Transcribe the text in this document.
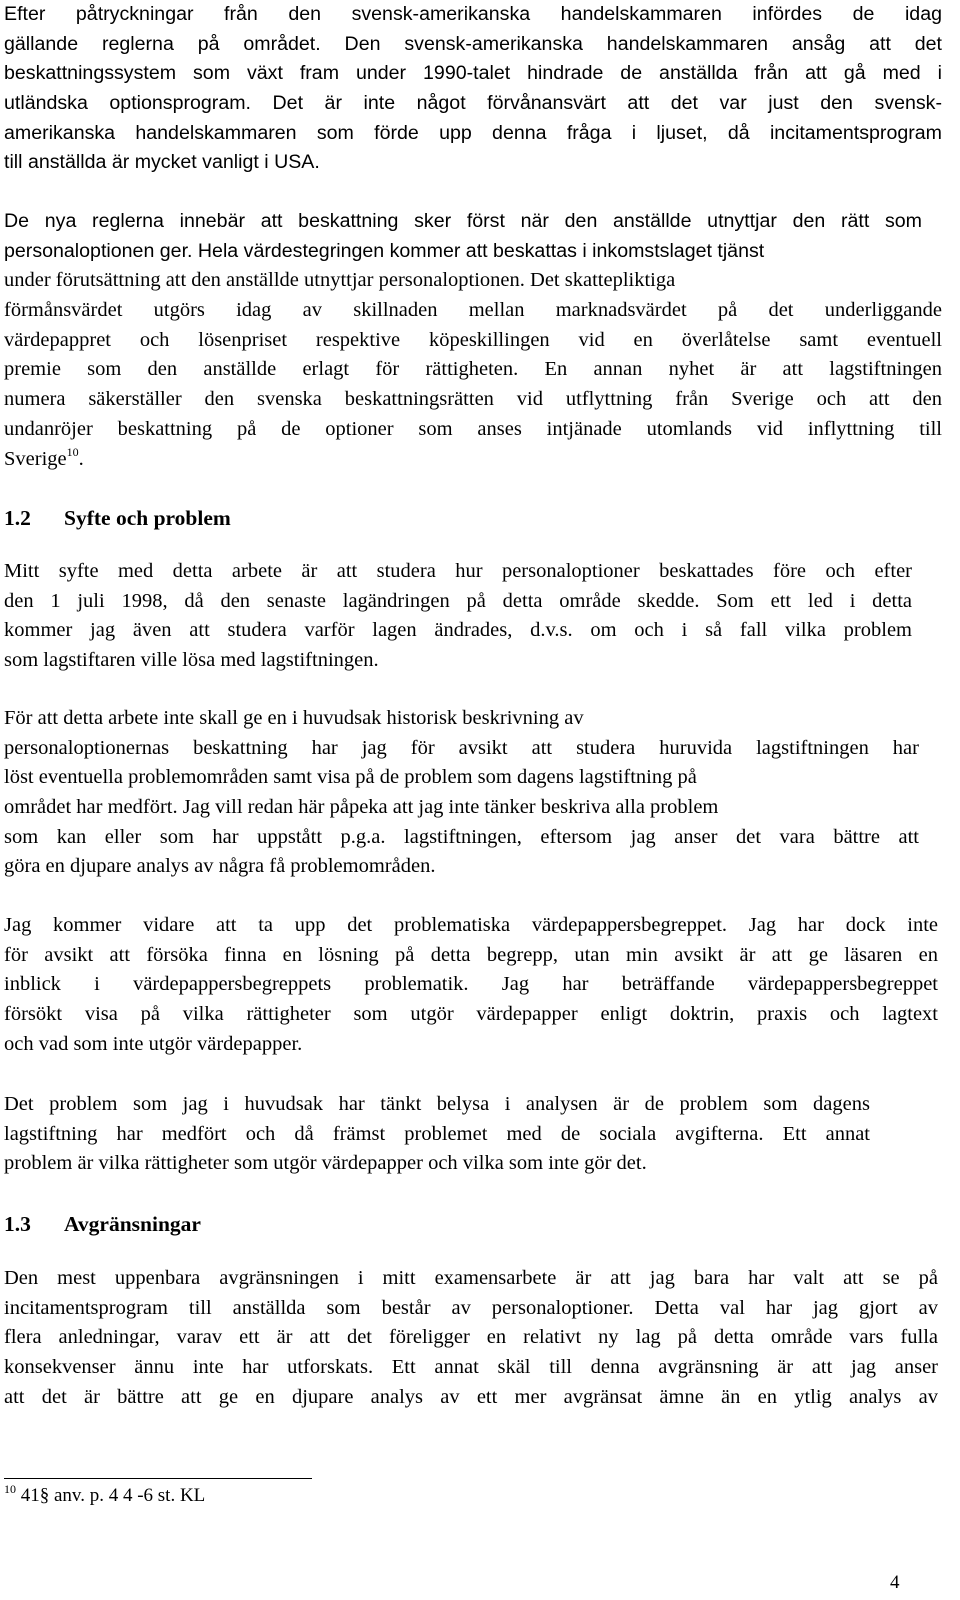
Efter påtryckningar från den svensk-amerikanska handelskammaren infördes de idag
gällande reglerna på området. Den svensk-amerikanska handelskammaren ansåg att det
beskattningssystem som växt fram under 1990-talet hindrade de anställda från att gå med i
utländska optionsprogram. Det är inte något förvånansvärt att det var just den svensk-
amerikanska handelskammaren som förde upp denna fråga i ljuset, då incitamentsprogram
till anställda är mycket vanligt i USA.
De nya reglerna innebär att beskattning sker först när den anställde utnyttjar den rätt som
personaloptionen ger. Hela värdestegringen kommer att beskattas i inkomstslaget tjänst
under förutsättning att den anställde utnyttjar personaloptionen. Det skattepliktiga
förmånsvärdet utgörs idag av skillnaden mellan marknadsvärdet på det underliggande
värdepappret och lösenpriset respektive köpeskillingen vid en överlåtelse samt eventuell
premie som den anställde erlagt för rättigheten. En annan nyhet är att lagstiftningen
numera säkerställer den svenska beskattningsrätten vid utflyttning från Sverige och att den
undanröjer beskattning på de optioner som anses intjänade utomlands vid inflyttning till
Sverige$^{10}$.
1.2 Syfte och problem
Mitt syfte med detta arbete är att studera hur personaloptioner beskattades före och efter
den 1 juli 1998, då den senaste lagändringen på detta område skedde. Som ett led i detta
kommer jag även att studera varför lagen ändrades, d.v.s. om och i så fall vilka problem
som lagstiftaren ville lösa med lagstiftningen.
För att detta arbete inte skall ge en i huvudsak historisk beskrivning av
personaloptionernas beskattning har jag för avsikt att studera huruvida lagstiftningen har
löst eventuella problemområden samt visa på de problem som dagens lagstiftning på
området har medfört. Jag vill redan här påpeka att jag inte tänker beskriva alla problem
som kan eller som har uppstått p.g.a. lagstiftningen, eftersom jag anser det vara bättre att
göra en djupare analys av några få problemområden.
Jag kommer vidare att ta upp det problematiska värdepappersbegreppet. Jag har dock inte
för avsikt att försöka finna en lösning på detta begrepp, utan min avsikt är att ge läsaren en
inblick i värdepappersbegreppets problematik. Jag har beträffande värdepappersbegreppet
försökt visa på vilka rättigheter som utgör värdepapper enligt doktrin, praxis och lagtext
och vad som inte utgör värdepapper.
Det problem som jag i huvudsak har tänkt belysa i analysen är de problem som dagens
lagstiftning har medfört och då främst problemet med de sociala avgifterna. Ett annat
problem är vilka rättigheter som utgör värdepapper och vilka som inte gör det.
1.3 Avgränsningar
Den mest uppenbara avgränsningen i mitt examensarbete är att jag bara har valt att se på
incitamentsprogram till anställda som består av personaloptioner. Detta val har jag gjort av
flera anledningar, varav ett är att det föreligger en relativt ny lag på detta område vars fulla
konsekvenser ännu inte har utforskats. Ett annat skäl till denna avgränsning är att jag anser
att det är bättre att ge en djupare analys av ett mer avgränsat ämne än en ytlig analys av
$^{10}$ 41§ anv. p. 4 4 -6 st. KL
4
